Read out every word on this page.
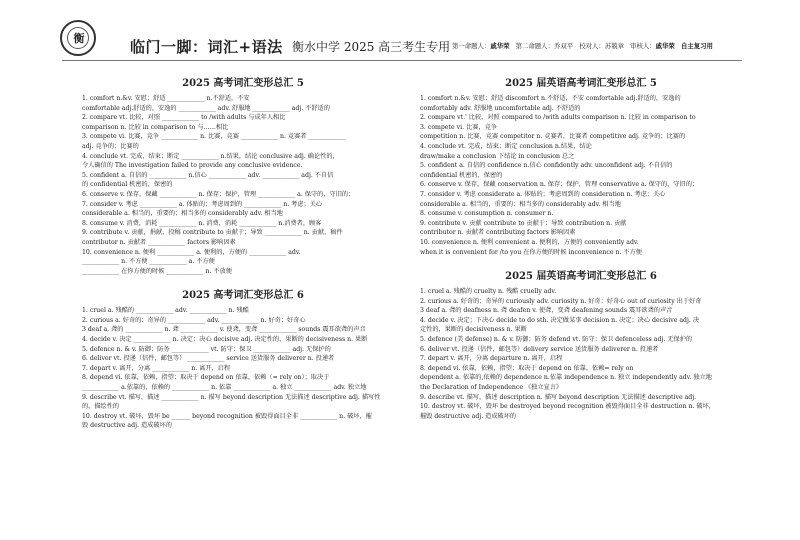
衡	临门一脚：词汇+语法 衡水中学 2025 高三考生专用 第一命题人：戚华荣 第二命题人：乔双平 校对人：苏兢章 审核人：戚华荣 自主复习用
2025 高考词汇变形总汇 5
1. comfort n.&v. 安慰；舒适 ____________ n.不舒适，不安
comfortable adj.舒适的，安逸的 ____________ adv. 舒服地 ____________ adj. 不舒适的
2. compare vt. 比较，对照 ____________ to /with adults 与成年人相比
comparison n. 比较 in comparison to 与……相比
3. compete vi. 比赛，竞争 ____________ n. 比赛，竞赛 ____________ n. 竞赛者 ____________
adj. 竞争的；比赛的
4. conclude vt. 完成，结束；断定 ____________ n.结果，结论 conclusive adj. 确论性的，
令人确信的 The investigation failed to provide any conclusive evidence.
5. confident a. 自信的 ____________ n.信心 ____________ adv. ____________ adj. 不自信
的 confidential 机密的，保密的
6. conserve v. 保存，保藏 ____________ n. 保存；保护，管理 ____________ a. 保守的，守旧的；
7. consider v. 考虑 ____________ a. 体贴的；考虑周到的 ____________ n. 考虑；关心
considerable a. 相当的，重要的；相当多的 considerably adv. 相当地
8. consume v. 消费，消耗 ____________ n. 消费，消耗 ____________ n.消费者，顾客
9. contribute v. 贡献，捐献，投稿 contribute to 贡献于；导致 ____________ n. 贡献，稿件
contributor n. 贡献者 ____________ factors 影响因素
10. convenience n. 便利 ____________ a. 便利的，方便的 ____________ adv.
____________ n. 不方便 ____________ a. 不方便
____________ 在你方便的时候 ____________ n. 不放便
2025 高考词汇变形总汇 6
1. cruel a. 残酷的 ____________ adv. ____________ n. 残酷
2. curious a. 好奇的；奇异的 ____________ adv. ____________ n. 好奇；好奇心
3 deaf a. 聋的 ____________ n. 聋 ____________ v. 使聋，变聋 ____________ sounds 震耳欲聋的声音
4. decide v. 决定 ____________ n. 决定；决心 decisive adj. 决定性的，果断的 decisiveness n. 果断
5. defence n. & v. 防御；防务 ____________ vt. 防守；保卫 ____________ adj. 无保护的
6. deliver vt. 投递（信件，邮包等） ____________ service 送货服务 deliverer n. 投递者
7. depart v. 离开，分离 ____________ n. 离开，启程
8. depend vi. 依靠，依赖，指望；取决于 depend on 依靠，依赖（= rely on）；取决于
____________ a.依靠的，依赖的 ____________ n. 依靠 ____________ a. 独立 ____________ adv. 独立地
9. describe vt. 描写，描述 ____________ n. 描写 beyond description 无法描述 descriptive adj. 描写性
的，描绘性的
10. destroy vt. 破坏，毁坏 be ______ beyond recognition 被毁得面目全非 ____________ n. 破坏，摧
毁 destructive adj. 造成破坏的
2025 届英语高考词汇变形总汇 5
1. comfort n.&v. 安慰；舒适 discomfort n.不舒适，不安 comfortable adj.舒适的，安逸的
comfortably adv. 舒服地 uncomfortable adj. 不舒适的
2. compare vt.' 比较，对照 compared to /with adults comparison n. 比较 in comparison to
3. compete vi. 比赛，竞争
competition n. 比赛，竞赛 competitor n. 竞赛者，比赛者 competitive adj. 竞争的；比赛的
4. conclude vt. 完成，结束；断定 conclusion n.结果，结论
draw/make a conclusion 下结论 in conclusion 总之
5. confident a. 自信的 confidence n.信心 confidently adv. unconfident adj. 不自信的
confidential 机密的，保密的
6. conserve v. 保存，保藏 conservation n. 保存；保护，管理 conservative a. 保守的，守旧的；
7. consider v. 考虑 considerate a. 体贴的；考虑周到的 consideration n. 考虑；关心
considerable a. 相当的，重要的；相当多的 considerably adv. 相当地
8. consume v. consumption n. consumer n.
9. contribute v. 贡献 contribute to 贡献于；导致 contribution n. 贡献
contributor n. 贡献者 contributing factors 影响因素
10. convenience n. 便利 convenient a. 便利的，方便的 conveniently adv.
when it is convenient for /to you 在你方便的时候 inconvenience n. 不方便
2025 届英语高考词汇变形总汇 6
1. cruel a. 残酷的 cruelty n. 残酷 cruelly adv.
2. curious a. 好奇的；奇异的 curiously adv. curiosity n. 好奇；好奇心 out of curiosity 出于好奇
3 deaf a. 聋的 deafness n. 聋 deafen v. 使聋，变聋 deafening sounds 震耳欲聋的声音
4. decide v. 决定；下决心 decide to do sth. 决定做某事 decision n. 决定；决心 decisive adj. 决
定性的，果断的 decisiveness n. 果断
5. defence (美 defense) n. & v. 防御；防务 defend vt. 防守；保卫 defenceless adj. 无保护的
6. deliver vt. 投递（信件，邮包等）delivery service 送货服务 deliverer n. 投递者
7. depart v. 离开，分离 departure n. 离开，启程
8. depend vi. 依靠，依赖，指望；取决于 depend on 依靠，依赖= rely on
dependent a. 依靠的,依赖的 dependence n.依靠 independence n. 独立 independently adv. 独立地
the Declaration of Independence 《独立宣言》
9. describe vt. 描写，描述 description n. 描写 beyond description 无法描述 descriptive adj.
10. destroy vt. 破坏，毁坏 be destroyed beyond recognition 被毁得面目全非 destruction n. 破坏，
摧毁 destructive adj. 造成破坏的
